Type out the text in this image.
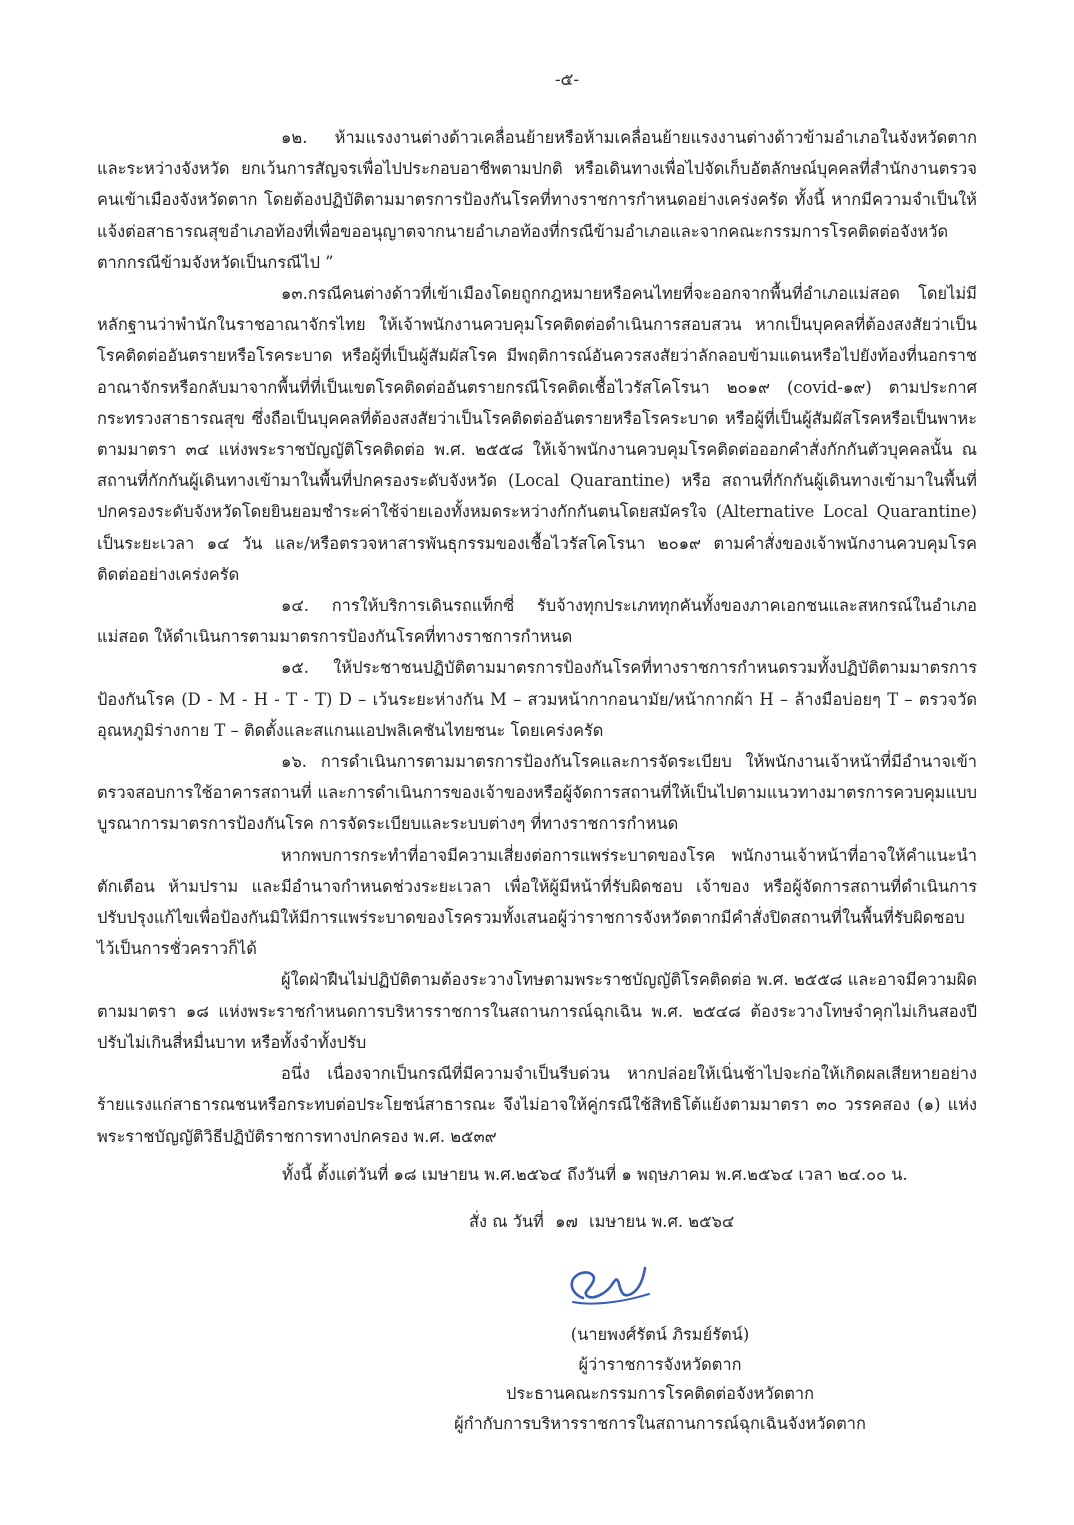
-๕-

๑๒. ห้ามแรงงานต่างด้าวเคลื่อนย้ายหรือห้ามเคลื่อนย้ายแรงงานต่างด้าวข้ามอำเภอในจังหวัดตาก และระหว่างจังหวัด ยกเว้นการสัญจรเพื่อไปประกอบอาชีพตามปกติ หรือเดินทางเพื่อไปจัดเก็บอัตลักษณ์บุคคลที่สำนักงานตรวจคนเข้าเมืองจังหวัดตาก โดยต้องปฏิบัติตามมาตรการป้องกันโรคที่ทางราชการกำหนดอย่างเคร่งครัด ทั้งนี้ หากมีความจำเป็นให้แจ้งต่อสาธารณสุขอำเภอท้องที่เพื่อขออนุญาตจากนายอำเภอท้องที่กรณีข้ามอำเภอและจากคณะกรรมการโรคติดต่อจังหวัดตากกรณีข้ามจังหวัดเป็นกรณีไป ”

๑๓.กรณีคนต่างด้าวที่เข้าเมืองโดยถูกกฎหมายหรือคนไทยที่จะออกจากพื้นที่อำเภอแม่สอด โดยไม่มีหลักฐานว่าพำนักในราชอาณาจักรไทย ให้เจ้าพนักงานควบคุมโรคติดต่อดำเนินการสอบสวน หากเป็นบุคคลที่ต้องสงสัยว่าเป็นโรคติดต่ออันตรายหรือโรคระบาด หรือผู้ที่เป็นผู้สัมผัสโรค มีพฤติการณ์อันควรสงสัยว่าลักลอบข้ามแดนหรือไปยังท้องที่นอกราชอาณาจักรหรือกลับมาจากพื้นที่ที่เป็นเขตโรคติดต่ออันตรายกรณีโรคติดเชื้อไวรัสโคโรนา ๒๐๑๙ (covid-๑๙) ตามประกาศกระทรวงสาธารณสุข ซึ่งถือเป็นบุคคลที่ต้องสงสัยว่าเป็นโรคติดต่ออันตรายหรือโรคระบาด หรือผู้ที่เป็นผู้สัมผัสโรคหรือเป็นพาหะตามมาตรา ๓๔ แห่งพระราชบัญญัติโรคติดต่อ พ.ศ. ๒๕๕๘ ให้เจ้าพนักงานควบคุมโรคติดต่อออกคำสั่งกักกันตัวบุคคลนั้น ณ สถานที่กักกันผู้เดินทางเข้ามาในพื้นที่ปกครองระดับจังหวัด (Local Quarantine) หรือ สถานที่กักกันผู้เดินทางเข้ามาในพื้นที่ปกครองระดับจังหวัดโดยยินยอมชำระค่าใช้จ่ายเองทั้งหมดระหว่างกักกันตนโดยสมัครใจ (Alternative Local Quarantine) เป็นระยะเวลา ๑๔ วัน และ/หรือตรวจหาสารพันธุกรรมของเชื้อไวรัสโคโรนา ๒๐๑๙ ตามคำสั่งของเจ้าพนักงานควบคุมโรคติดต่ออย่างเคร่งครัด

๑๔. การให้บริการเดินรถแท็กซี่ รับจ้างทุกประเภททุกคันทั้งของภาคเอกชนและสหกรณ์ในอำเภอแม่สอด ให้ดำเนินการตามมาตรการป้องกันโรคที่ทางราชการกำหนด

๑๕. ให้ประชาชนปฏิบัติตามมาตรการป้องกันโรคที่ทางราชการกำหนดรวมทั้งปฏิบัติตามมาตรการป้องกันโรค (D - M - H - T - T) D – เว้นระยะห่างกัน M – สวมหน้ากากอนามัย/หน้ากากผ้า H – ล้างมือบ่อยๆ T – ตรวจวัดอุณหภูมิร่างกาย T – ติดตั้งและสแกนแอปพลิเคชันไทยชนะ โดยเคร่งครัด

๑๖. การดำเนินการตามมาตรการป้องกันโรคและการจัดระเบียบ ให้พนักงานเจ้าหน้าที่มีอำนาจเข้าตรวจสอบการใช้อาคารสถานที่ และการดำเนินการของเจ้าของหรือผู้จัดการสถานที่ให้เป็นไปตามแนวทางมาตรการควบคุมแบบบูรณาการมาตรการป้องกันโรค การจัดระเบียบและระบบต่างๆ ที่ทางราชการกำหนด

หากพบการกระทำที่อาจมีความเสี่ยงต่อการแพร่ระบาดของโรค พนักงานเจ้าหน้าที่อาจให้คำแนะนำตักเตือน ห้ามปราม และมีอำนาจกำหนดช่วงระยะเวลา เพื่อให้ผู้มีหน้าที่รับผิดชอบ เจ้าของ หรือผู้จัดการสถานที่ดำเนินการปรับปรุงแก้ไขเพื่อป้องกันมิให้มีการแพร่ระบาดของโรครวมทั้งเสนอผู้ว่าราชการจังหวัดตากมีคำสั่งปิดสถานที่ในพื้นที่รับผิดชอบไว้เป็นการชั่วคราวก็ได้

ผู้ใดฝ่าฝืนไม่ปฏิบัติตามต้องระวางโทษตามพระราชบัญญัติโรคติดต่อ พ.ศ. ๒๕๕๘ และอาจมีความผิดตามมาตรา ๑๘ แห่งพระราชกำหนดการบริหารราชการในสถานการณ์ฉุกเฉิน พ.ศ. ๒๕๔๘ ต้องระวางโทษจำคุกไม่เกินสองปี ปรับไม่เกินสี่หมื่นบาท หรือทั้งจำทั้งปรับ

อนึ่ง เนื่องจากเป็นกรณีที่มีความจำเป็นรีบด่วน หากปล่อยให้เนิ่นช้าไปจะก่อให้เกิดผลเสียหายอย่างร้ายแรงแก่สาธารณชนหรือกระทบต่อประโยชน์สาธารณะ จึงไม่อาจให้คู่กรณีใช้สิทธิโต้แย้งตามมาตรา ๓๐ วรรคสอง (๑) แห่งพระราชบัญญัติวิธีปฏิบัติราชการทางปกครอง พ.ศ. ๒๕๓๙

ทั้งนี้ ตั้งแต่วันที่ ๑๘ เมษายน พ.ศ.๒๕๖๔ ถึงวันที่ ๑ พฤษภาคม พ.ศ.๒๕๖๔ เวลา ๒๔.๐๐ น.
สั่ง ณ วันที่ ๑๗ เมษายน พ.ศ. ๒๕๖๔
(นายพงศ์รัตน์ ภิรมย์รัตน์)
ผู้ว่าราชการจังหวัดตาก
ประธานคณะกรรมการโรคติดต่อจังหวัดตาก
ผู้กำกับการบริหารราชการในสถานการณ์ฉุกเฉินจังหวัดตาก
